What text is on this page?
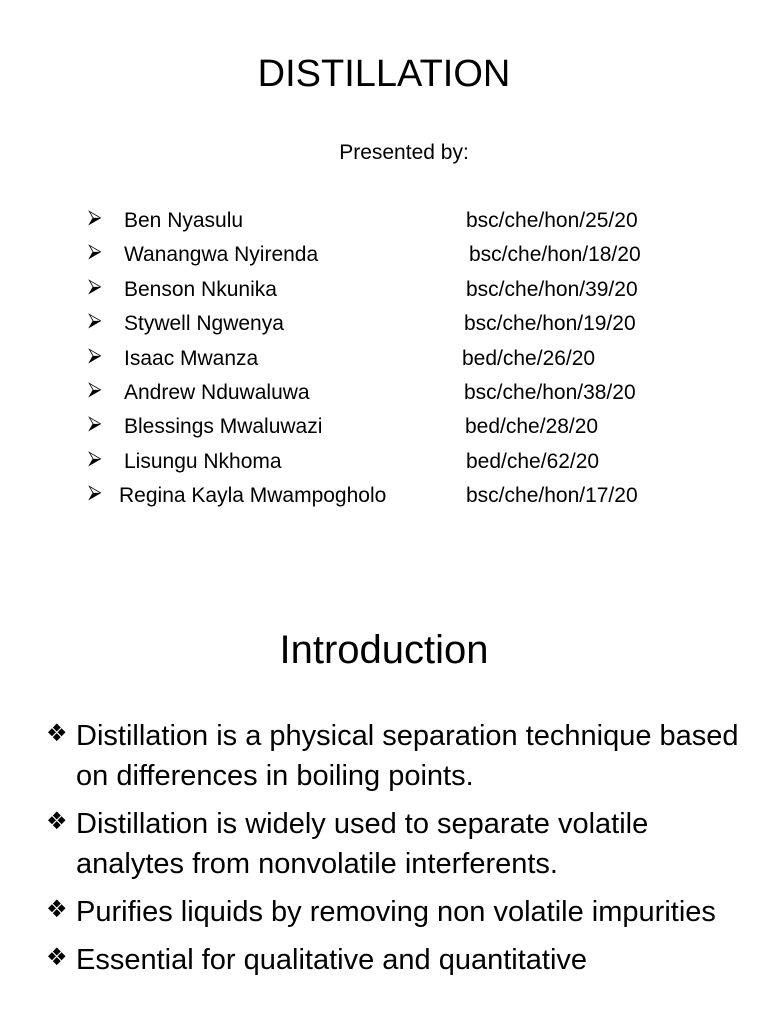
DISTILLATION
Presented by:
⮚ Ben Nyasulu	bsc/che/hon/25/20
⮚ Wanangwa Nyirenda	bsc/che/hon/18/20
⮚ Benson Nkunika	bsc/che/hon/39/20
⮚ Stywell Ngwenya	bsc/che/hon/19/20
⮚ Isaac Mwanza	bed/che/26/20
⮚ Andrew Nduwaluwa	bsc/che/hon/38/20
⮚ Blessings Mwaluwazi	bed/che/28/20
⮚ Lisungu Nkhoma	bed/che/62/20
⮚ Regina Kayla Mwampogholo	bsc/che/hon/17/20
Introduction
❖ Distillation is a physical separation technique based on differences in boiling points.
❖ Distillation is widely used to separate volatile analytes from nonvolatile interferents.
❖ Purifies liquids by removing non volatile impurities
❖ Essential for qualitative and quantitative
